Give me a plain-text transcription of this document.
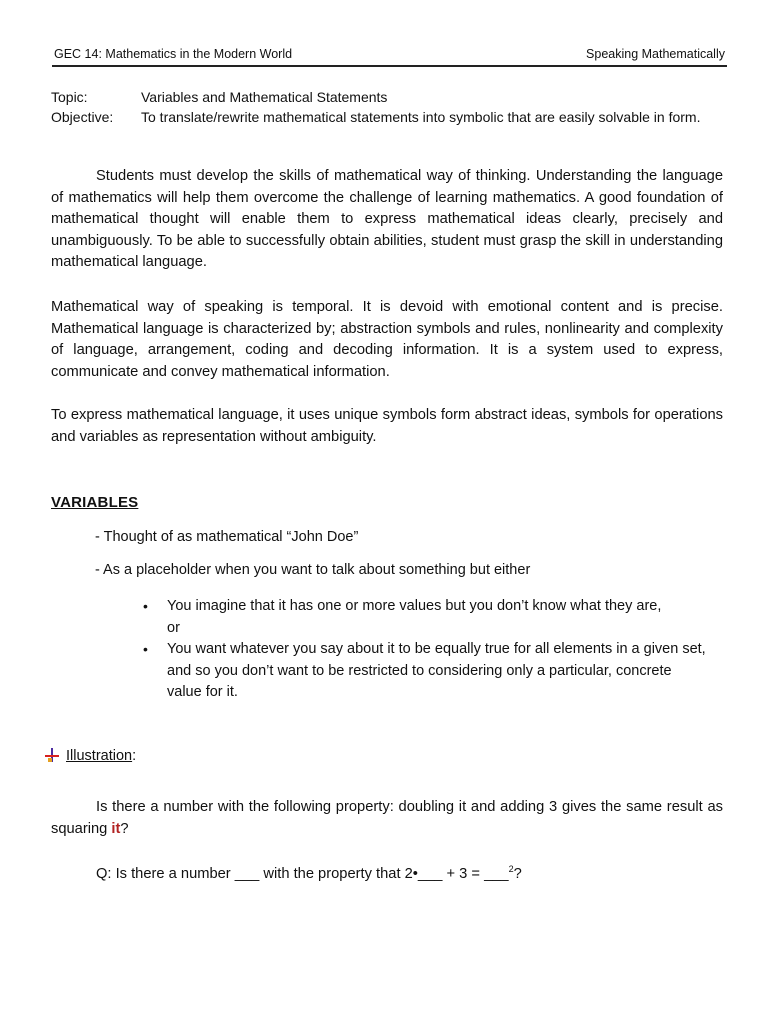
GEC 14: Mathematics in the Modern World	Speaking Mathematically
Topic:	Variables and Mathematical Statements
Objective: To translate/rewrite mathematical statements into symbolic that are easily solvable in form.

Students must develop the skills of mathematical way of thinking. Understanding the language of mathematics will help them overcome the challenge of learning mathematics. A good foundation of mathematical thought will enable them to express mathematical ideas clearly, precisely and unambiguously. To be able to successfully obtain abilities, student must grasp the skill in understanding mathematical language.

Mathematical way of speaking is temporal. It is devoid with emotional content and is precise. Mathematical language is characterized by; abstraction symbols and rules, nonlinearity and complexity of language, arrangement, coding and decoding information. It is a system used to express, communicate and convey mathematical information.

To express mathematical language, it uses unique symbols form abstract ideas, symbols for operations and variables as representation without ambiguity.

VARIABLES
- Thought of as mathematical “John Doe”
- As a placeholder when you want to talk about something but either
• You imagine that it has one or more values but you don’t know what they are,
or
• You want whatever you say about it to be equally true for all elements in a given set, and so you don’t want to be restricted to considering only a particular, concrete value for it.
Illustration:

Is there a number with the following property: doubling it and adding 3 gives the same result as squaring it?

Q: Is there a number ___ with the property that 2•___ + 3 = ___$^2$?
